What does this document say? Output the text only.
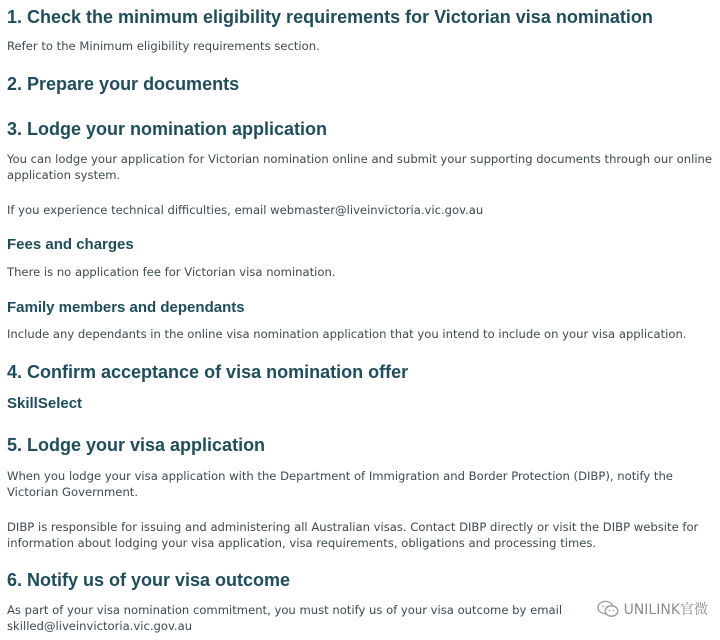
1. Check the minimum eligibility requirements for Victorian visa nomination

Refer to the Minimum eligibility requirements section.

2. Prepare your documents
3. Lodge your nomination application

You can lodge your application for Victorian nomination online and submit your supporting documents through our online application system.

If you experience technical difficulties, email webmaster@liveinvictoria.vic.gov.au

Fees and charges

There is no application fee for Victorian visa nomination.

Family members and dependants

Include any dependants in the online visa nomination application that you intend to include on your visa application.

4. Confirm acceptance of visa nomination offer
SkillSelect
5. Lodge your visa application

When you lodge your visa application with the Department of Immigration and Border Protection (DIBP), notify the Victorian Government.

DIBP is responsible for issuing and administering all Australian visas. Contact DIBP directly or visit the DIBP website for information about lodging your visa application, visa requirements, obligations and processing times.

6. Notify us of your visa outcome

As part of your visa nomination commitment, you must notify us of your visa outcome by email

skilled@liveinvictoria.vic.gov.au

UNILINK官微
